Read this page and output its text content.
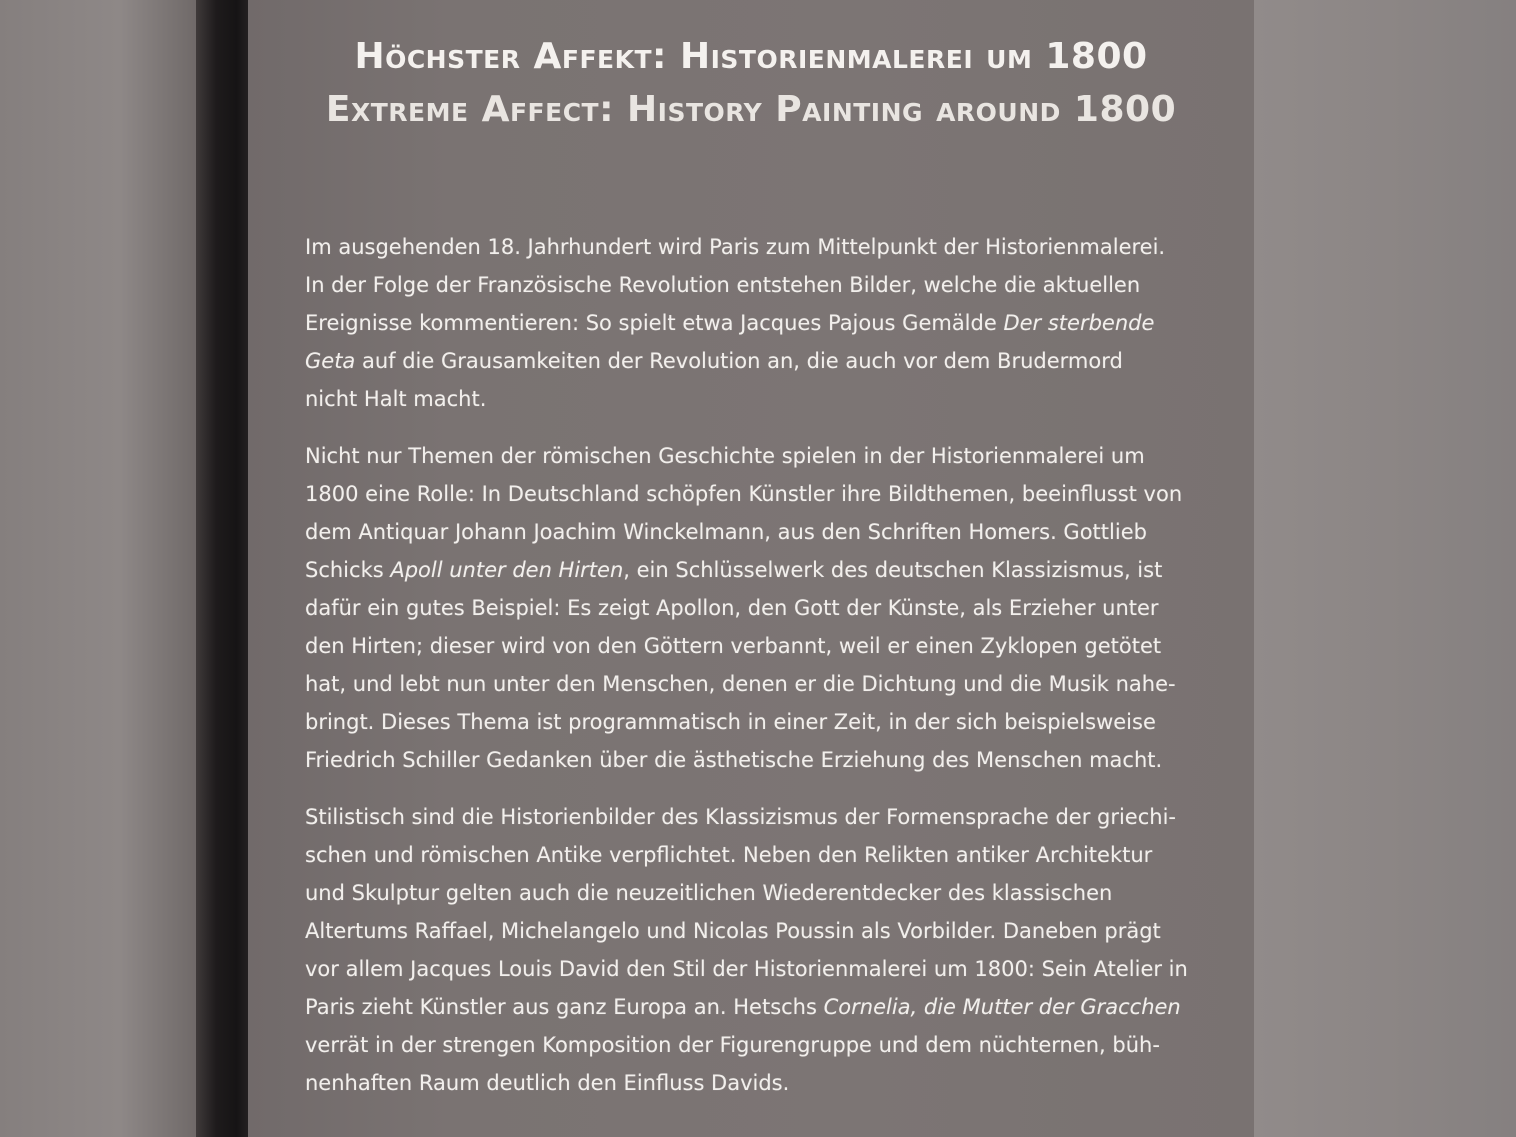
Höchster Affekt: Historienmalerei um 1800
Extreme Affect: History Painting around 1800
Im ausgehenden 18. Jahrhundert wird Paris zum Mittelpunkt der Historienmalerei.
In der Folge der Französische Revolution entstehen Bilder, welche die aktuellen
Ereignisse kommentieren: So spielt etwa Jacques Pajous Gemälde Der sterbende
Geta auf die Grausamkeiten der Revolution an, die auch vor dem Brudermord
nicht Halt macht.
Nicht nur Themen der römischen Geschichte spielen in der Historienmalerei um
1800 eine Rolle: In Deutschland schöpfen Künstler ihre Bildthemen, beeinflusst von
dem Antiquar Johann Joachim Winckelmann, aus den Schriften Homers. Gottlieb
Schicks Apoll unter den Hirten, ein Schlüsselwerk des deutschen Klassizismus, ist
dafür ein gutes Beispiel: Es zeigt Apollon, den Gott der Künste, als Erzieher unter
den Hirten; dieser wird von den Göttern verbannt, weil er einen Zyklopen getötet
hat, und lebt nun unter den Menschen, denen er die Dichtung und die Musik nahe-
bringt. Dieses Thema ist programmatisch in einer Zeit, in der sich beispielsweise
Friedrich Schiller Gedanken über die ästhetische Erziehung des Menschen macht.
Stilistisch sind die Historienbilder des Klassizismus der Formensprache der griechi-
schen und römischen Antike verpflichtet. Neben den Relikten antiker Architektur
und Skulptur gelten auch die neuzeitlichen Wiederentdecker des klassischen
Altertums Raffael, Michelangelo und Nicolas Poussin als Vorbilder. Daneben prägt
vor allem Jacques Louis David den Stil der Historienmalerei um 1800: Sein Atelier in
Paris zieht Künstler aus ganz Europa an. Hetschs Cornelia, die Mutter der Gracchen
verrät in der strengen Komposition der Figurengruppe und dem nüchternen, büh-
nenhaften Raum deutlich den Einfluss Davids.
